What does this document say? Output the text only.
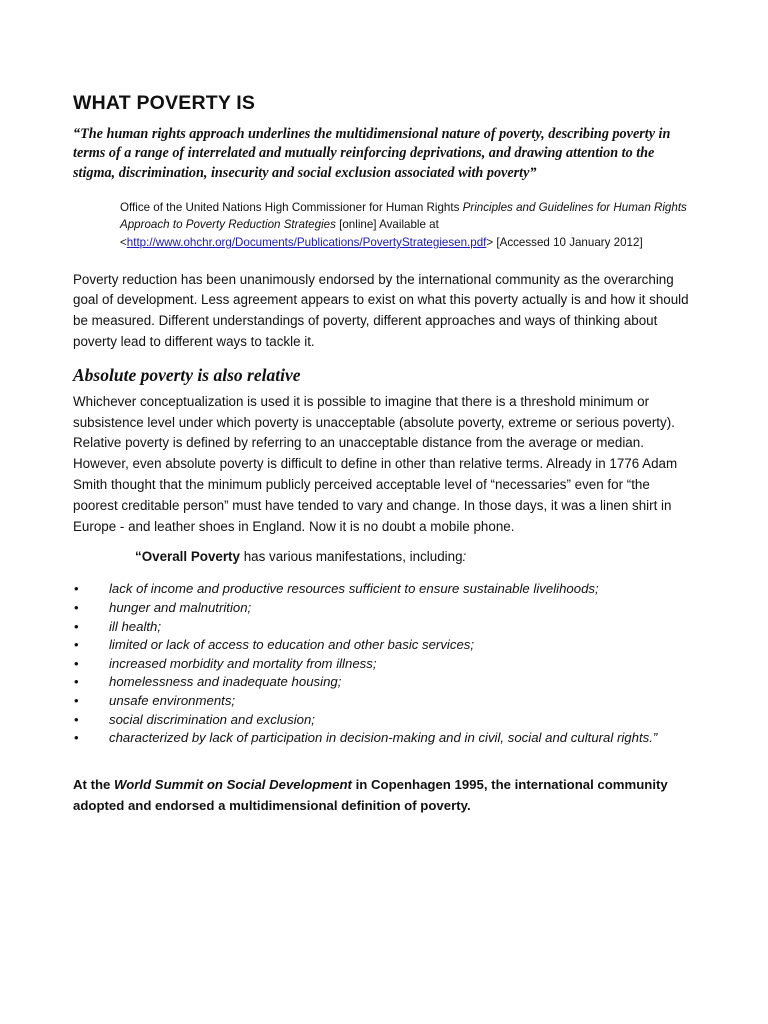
WHAT POVERTY IS

“The human rights approach underlines the multidimensional nature of poverty, describing poverty in terms of a range of interrelated and mutually reinforcing deprivations, and drawing attention to the stigma, discrimination, insecurity and social exclusion associated with poverty”

Office of the United Nations High Commissioner for Human Rights Principles and Guidelines for Human Rights Approach to Poverty Reduction Strategies [online] Available at <http://www.ohchr.org/Documents/Publications/PovertyStrategiesen.pdf> [Accessed 10 January 2012]

Poverty reduction has been unanimously endorsed by the international community as the overarching goal of development. Less agreement appears to exist on what this poverty actually is and how it should be measured. Different understandings of poverty, different approaches and ways of thinking about poverty lead to different ways to tackle it.

Absolute poverty is also relative

Whichever conceptualization is used it is possible to imagine that there is a threshold minimum or subsistence level under which poverty is unacceptable (absolute poverty, extreme or serious poverty). Relative poverty is defined by referring to an unacceptable distance from the average or median. However, even absolute poverty is difficult to define in other than relative terms. Already in 1776 Adam Smith thought that the minimum publicly perceived acceptable level of “necessaries” even for “the poorest creditable person” must have tended to vary and change. In those days, it was a linen shirt in Europe - and leather shoes in England. Now it is no doubt a mobile phone.

“Overall Poverty has various manifestations, including:

• lack of income and productive resources sufficient to ensure sustainable livelihoods;
• hunger and malnutrition;
• ill health;
• limited or lack of access to education and other basic services;
• increased morbidity and mortality from illness;
• homelessness and inadequate housing;
• unsafe environments;
• social discrimination and exclusion;
• characterized by lack of participation in decision-making and in civil, social and cultural rights.”

At the World Summit on Social Development in Copenhagen 1995, the international community adopted and endorsed a multidimensional definition of poverty.
